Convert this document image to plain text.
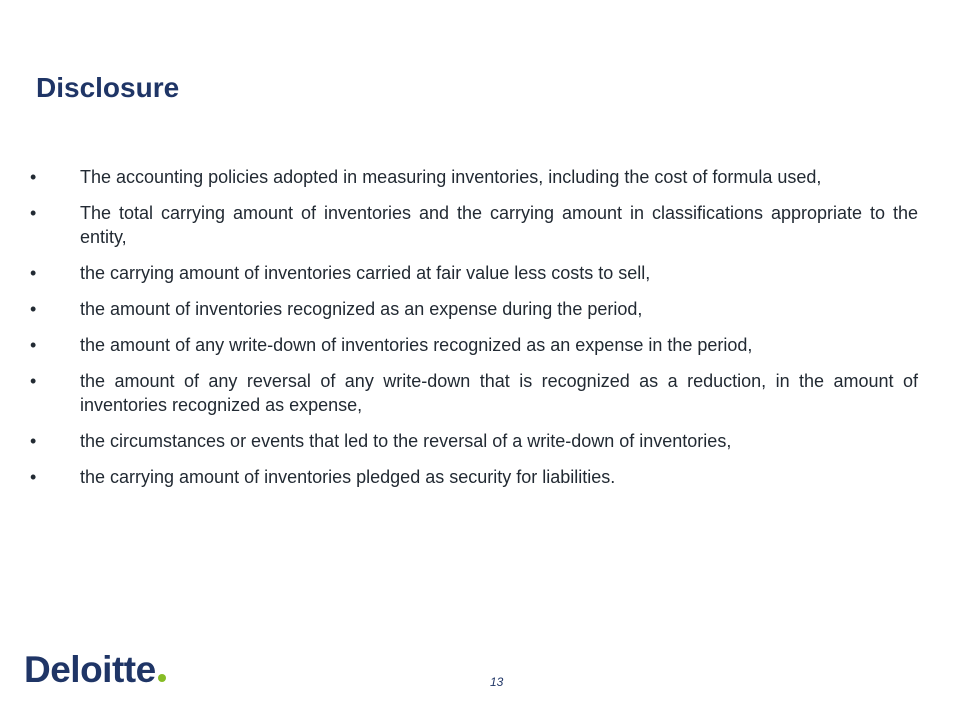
Disclosure
•	The accounting policies adopted in measuring inventories, including the cost of formula used,
•	The total carrying amount of inventories and the carrying amount in classifications appropriate to the entity,
•	the carrying amount of inventories carried at fair value less costs to sell,
•	the amount of inventories recognized as an expense during the period,
•	the amount of any write-down of inventories recognized as an expense in the period,
•	the amount of any reversal of any write-down that is recognized as a reduction, in the amount of inventories recognized as expense,
•	the circumstances or events that led to the reversal of a write-down of inventories,
•	the carrying amount of inventories pledged as security for liabilities.
Deloitte	13
